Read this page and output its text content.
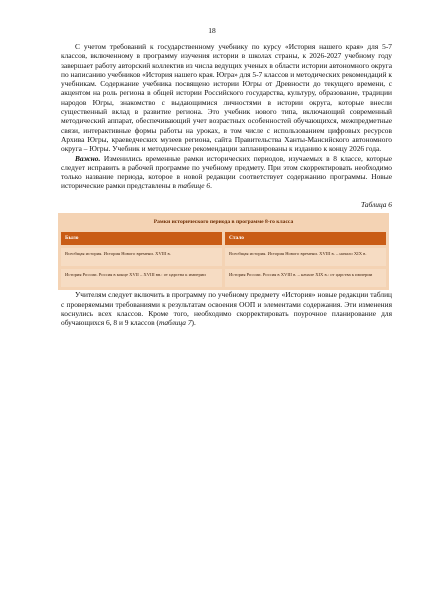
18

С учетом требований к государственному учебнику по курсу «История нашего края» для 5-7 классов, включенному в программу изучения истории в школах страны, к 2026-2027 учебному году завершает работу авторский коллектив из числа ведущих ученых в области истории автономного округа по написанию учебников «История нашего края. Югра» для 5-7 классов и методических рекомендаций к учебникам. Содержание учебника посвящено истории Югры от Древности до текущего времени, с акцентом на роль региона в общей истории Российского государства, культуру, образование, традиции народов Югры, знакомство с выдающимися личностями в истории округа, которые внесли существенный вклад в развитие региона. Это учебник нового типа, включающий современный методический аппарат, обеспечивающий учет возрастных особенностей обучающихся, межпредметные связи, интерактивные формы работы на уроках, в том числе с использованием цифровых ресурсов Архива Югры, краеведческих музеев региона, сайта Правительства Ханты-Мансийского автономного округа – Югры. Учебник и методические рекомендации запланированы к изданию к концу 2026 года.

Важно. Изменились временные рамки исторических периодов, изучаемых в 8 классе, которые следует исправить в рабочей программе по учебному предмету. При этом скорректировать необходимо только название периода, которое в новой редакции соответствует содержанию программы. Новые исторические рамки представлены в таблице 6.

Таблица 6
Рамки исторического периода в программе 8-го класса	
Было	Стало
Всеобщая история. История Нового времени. XVIII в.	Всеобщая история. История Нового времени. XVIII в. – начало XIX в.
История России. Россия в конце XVII – XVIII вв.: от царства к империи	История России. Россия в XVIII в. – начале XIX в.: от царства к империи

Учителям следует включить в программу по учебному предмету «История» новые редакции таблиц с проверяемыми требованиями к результатам освоения ООП и элементами содержания. Эти изменения коснулись всех классов. Кроме того, необходимо скорректировать поурочное планирование для обучающихся 6, 8 и 9 классов (таблица 7).
